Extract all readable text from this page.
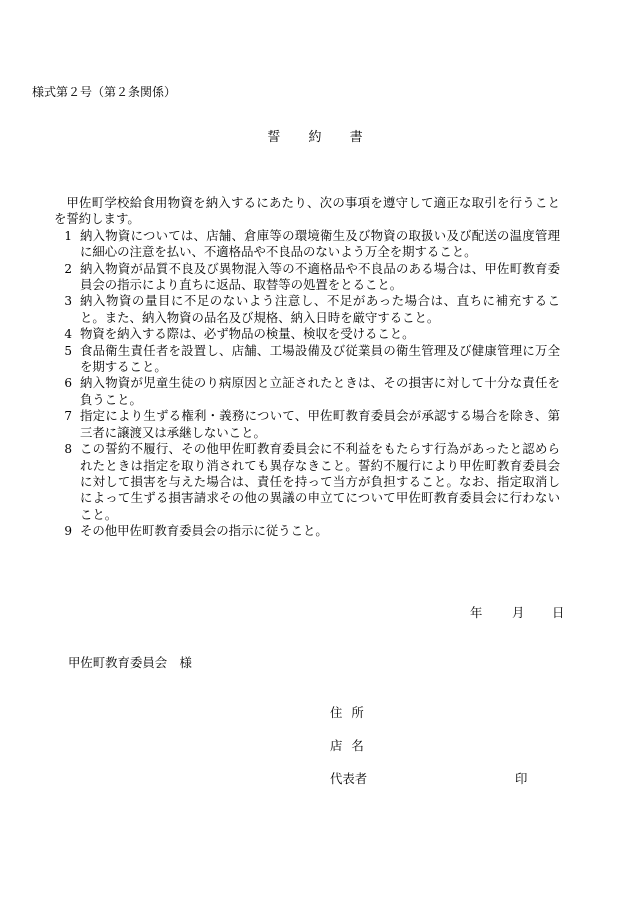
様式第２号（第２条関係）
誓 約 書

甲佐町学校給食用物資を納入するにあたり、次の事項を遵守して適正な取引を行うことを誓約します。

1 納入物資については、店舗、倉庫等の環境衛生及び物資の取扱い及び配送の温度管理に細心の注意を払い、不適格品や不良品のないよう万全を期すること。
2 納入物資が品質不良及び異物混入等の不適格品や不良品のある場合は、甲佐町教育委員会の指示により直ちに返品、取替等の処置をとること。
3 納入物資の量目に不足のないよう注意し、不足があった場合は、直ちに補充すること。また、納入物資の品名及び規格、納入日時を厳守すること。
4 物資を納入する際は、必ず物品の検量、検収を受けること。
5 食品衛生責任者を設置し、店舗、工場設備及び従業員の衛生管理及び健康管理に万全を期すること。
6 納入物資が児童生徒のり病原因と立証されたときは、その損害に対して十分な責任を負うこと。
7 指定により生ずる権利・義務について、甲佐町教育委員会が承認する場合を除き、第三者に譲渡又は承継しないこと。
8 この誓約不履行、その他甲佐町教育委員会に不利益をもたらす行為があったと認められたときは指定を取り消されても異存なきこと。誓約不履行により甲佐町教育委員会に対して損害を与えた場合は、責任を持って当方が負担すること。なお、指定取消しによって生ずる損害請求その他の異議の申立てについて甲佐町教育委員会に行わないこと。
9 その他甲佐町教育委員会の指示に従うこと。
年 月 日
甲佐町教育委員会　様
住所
店名
代表者	印
